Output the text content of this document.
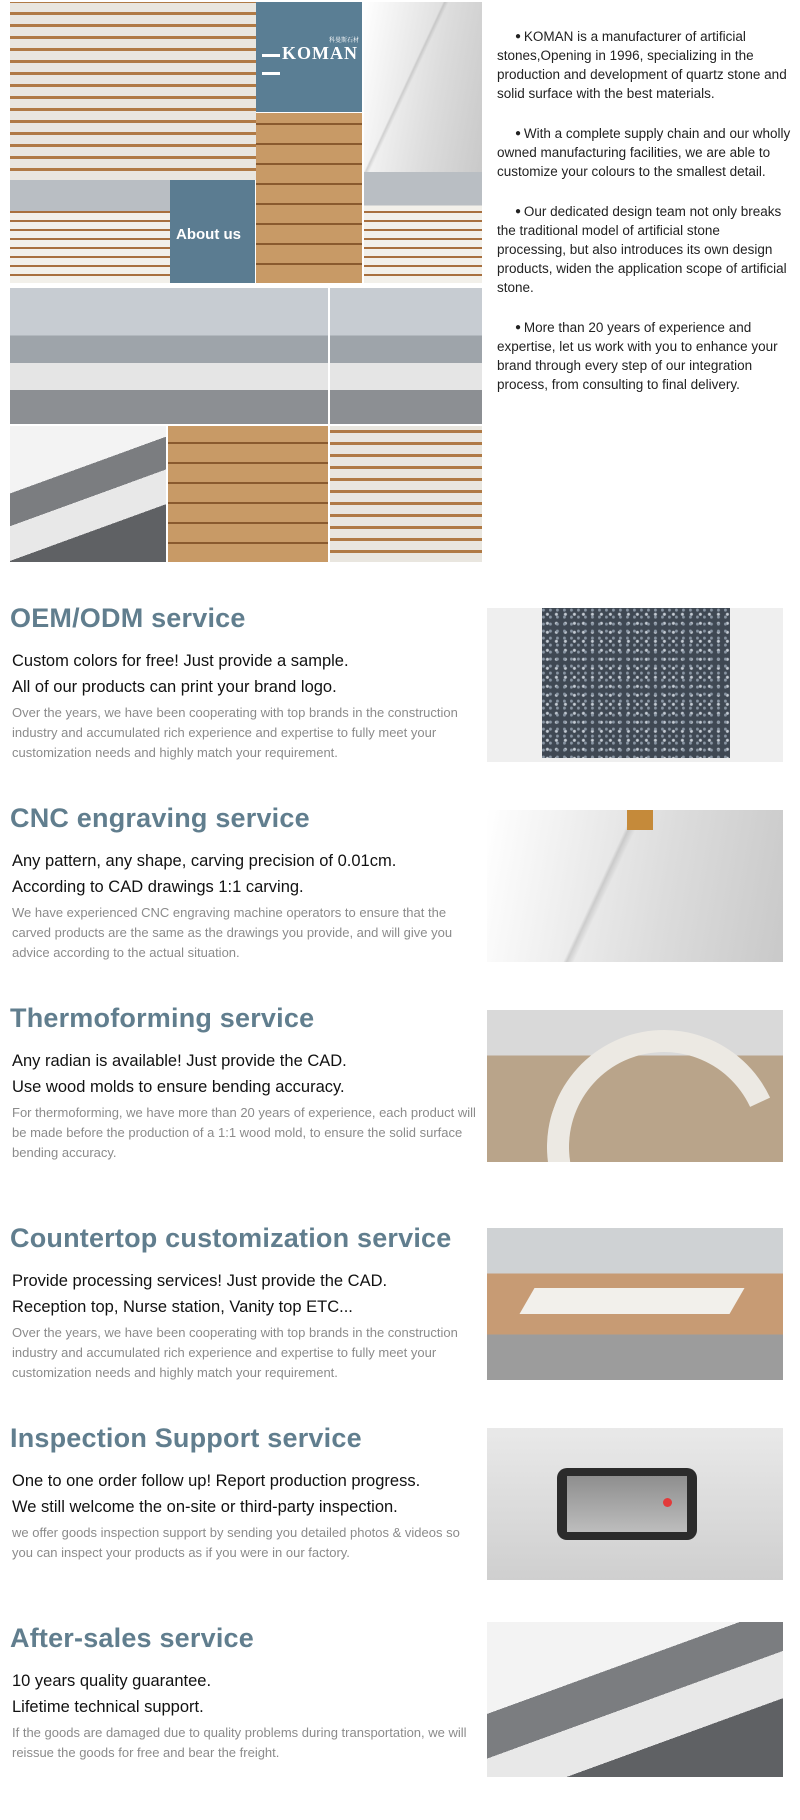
KOMAN
科曼斯石材
About us

● KOMAN is a manufacturer of artificial stones,Opening in 1996, specializing in the production and development of quartz stone and solid surface with the best materials.

● With a complete supply chain and our wholly owned manufacturing facilities, we are able to customize your colours to the smallest detail.

● Our dedicated design team not only breaks the traditional model of artificial stone processing, but also introduces its own design products, widen the application scope of artificial stone.

● More than 20 years of experience and expertise, let us work with you to enhance your brand through every step of our integration process, from consulting to final delivery.

OEM/ODM service
Custom colors for free! Just provide a sample.
All of our products can print your brand logo.
Over the years, we have been cooperating with top brands in the construction industry and accumulated rich experience and expertise to fully meet your customization needs and highly match your requirement.
CNC engraving service
Any pattern, any shape, carving precision of 0.01cm.
According to CAD drawings 1:1 carving.
We have experienced CNC engraving machine operators to ensure that the carved products are the same as the drawings you provide, and will give you advice according to the actual situation.
Thermoforming service
Any radian is available! Just provide the CAD.
Use wood molds to ensure bending accuracy.
For thermoforming, we have more than 20 years of experience, each product will be made before the production of a 1:1 wood mold, to ensure the solid surface bending accuracy.
Countertop customization service
Provide processing services! Just provide the CAD.
Reception top, Nurse station, Vanity top ETC...
Over the years, we have been cooperating with top brands in the construction industry and accumulated rich experience and expertise to fully meet your customization needs and highly match your requirement.
Inspection Support service
One to one order follow up! Report production progress.
We still welcome the on-site or third-party inspection.
we offer goods inspection support by sending you detailed photos & videos so you can inspect your products as if you were in our factory.
After-sales service
10 years quality guarantee.
Lifetime technical support.
If the goods are damaged due to quality problems during transportation, we will reissue the goods for free and bear the freight.
